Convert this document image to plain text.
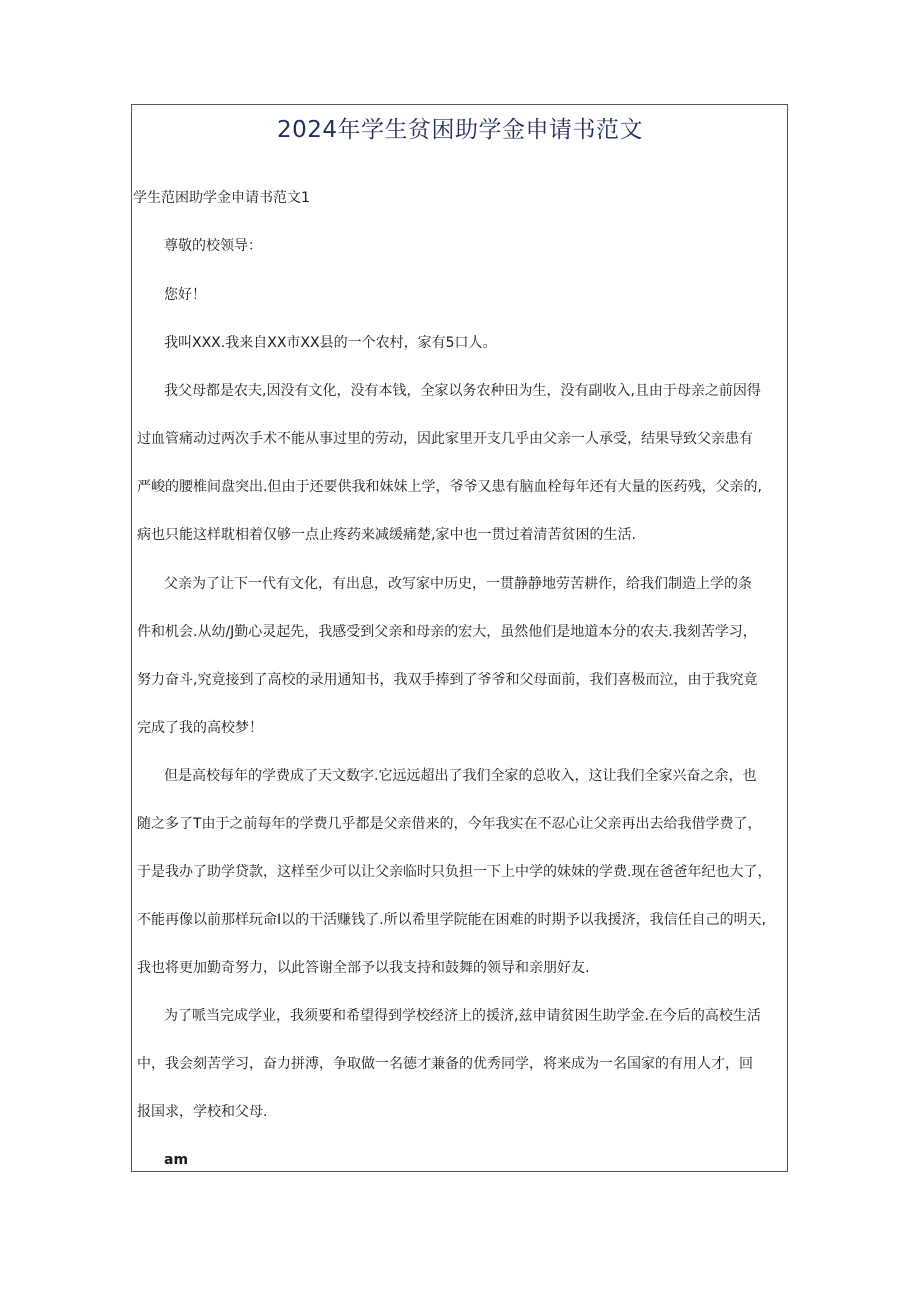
2024年学生贫困助学金申请书范文
学生范困助学金申请书范文1
尊敬的校领导：
您好！
我叫XXX.我来自XX市XX县的一个农村，家有5口人。
我父母都是农夫,因没有文化，没有本钱，全家以务农种田为生，没有副收入,且由于母亲之前因得
过血管痛动过两次手术不能从事过里的劳动，因此家里开支几乎由父亲一人承受，结果导致父亲患有
严峻的腰椎间盘突出.但由于还要供我和妹妹上学，爷爷又患有脑血栓每年还有大量的医药残，父亲的,
病也只能这样耽相着仅够一点止疼药来减缓痛楚,家中也一贯过着清苦贫困的生活.
父亲为了让下一代有文化，有出息，改写家中历史，一贯静静地劳苦耕作，给我们制造上学的条
件和机会.从幼/J勤心灵起先，我感受到父亲和母亲的宏大，虽然他们是地道本分的农夫.我刻苦学习，
努力奋斗,究竟接到了高校的录用通知书，我双手捧到了爷爷和父母面前，我们喜极而泣，由于我究竟
完成了我的高校梦！
但是高校每年的学费成了天文数字.它远远超出了我们全家的总收入，这让我们全家兴奋之余，也
随之多了T由于之前每年的学费几乎都是父亲借来的，今年我实在不忍心让父亲再出去给我借学费了，
于是我办了助学贷款，这样至少可以让父亲临时只负担一下上中学的妹妹的学费.现在爸爸年纪也大了，
不能再像以前那样玩命I以的干活赚钱了.所以希里学院能在困难的时期予以我援济，我信任自己的明天,
我也将更加勤奇努力，以此答谢全部予以我支持和鼓舞的领导和亲朋好友.
为了哌当完成学业，我须要和希望得到学校经济上的援济,兹申请贫困生助学金.在今后的高校生活
中，我会刻苦学习，奋力拼溥，争取做一名德才兼备的优秀同学，将来成为一名国家的有用人才，回
报国求，学校和父母.
am
